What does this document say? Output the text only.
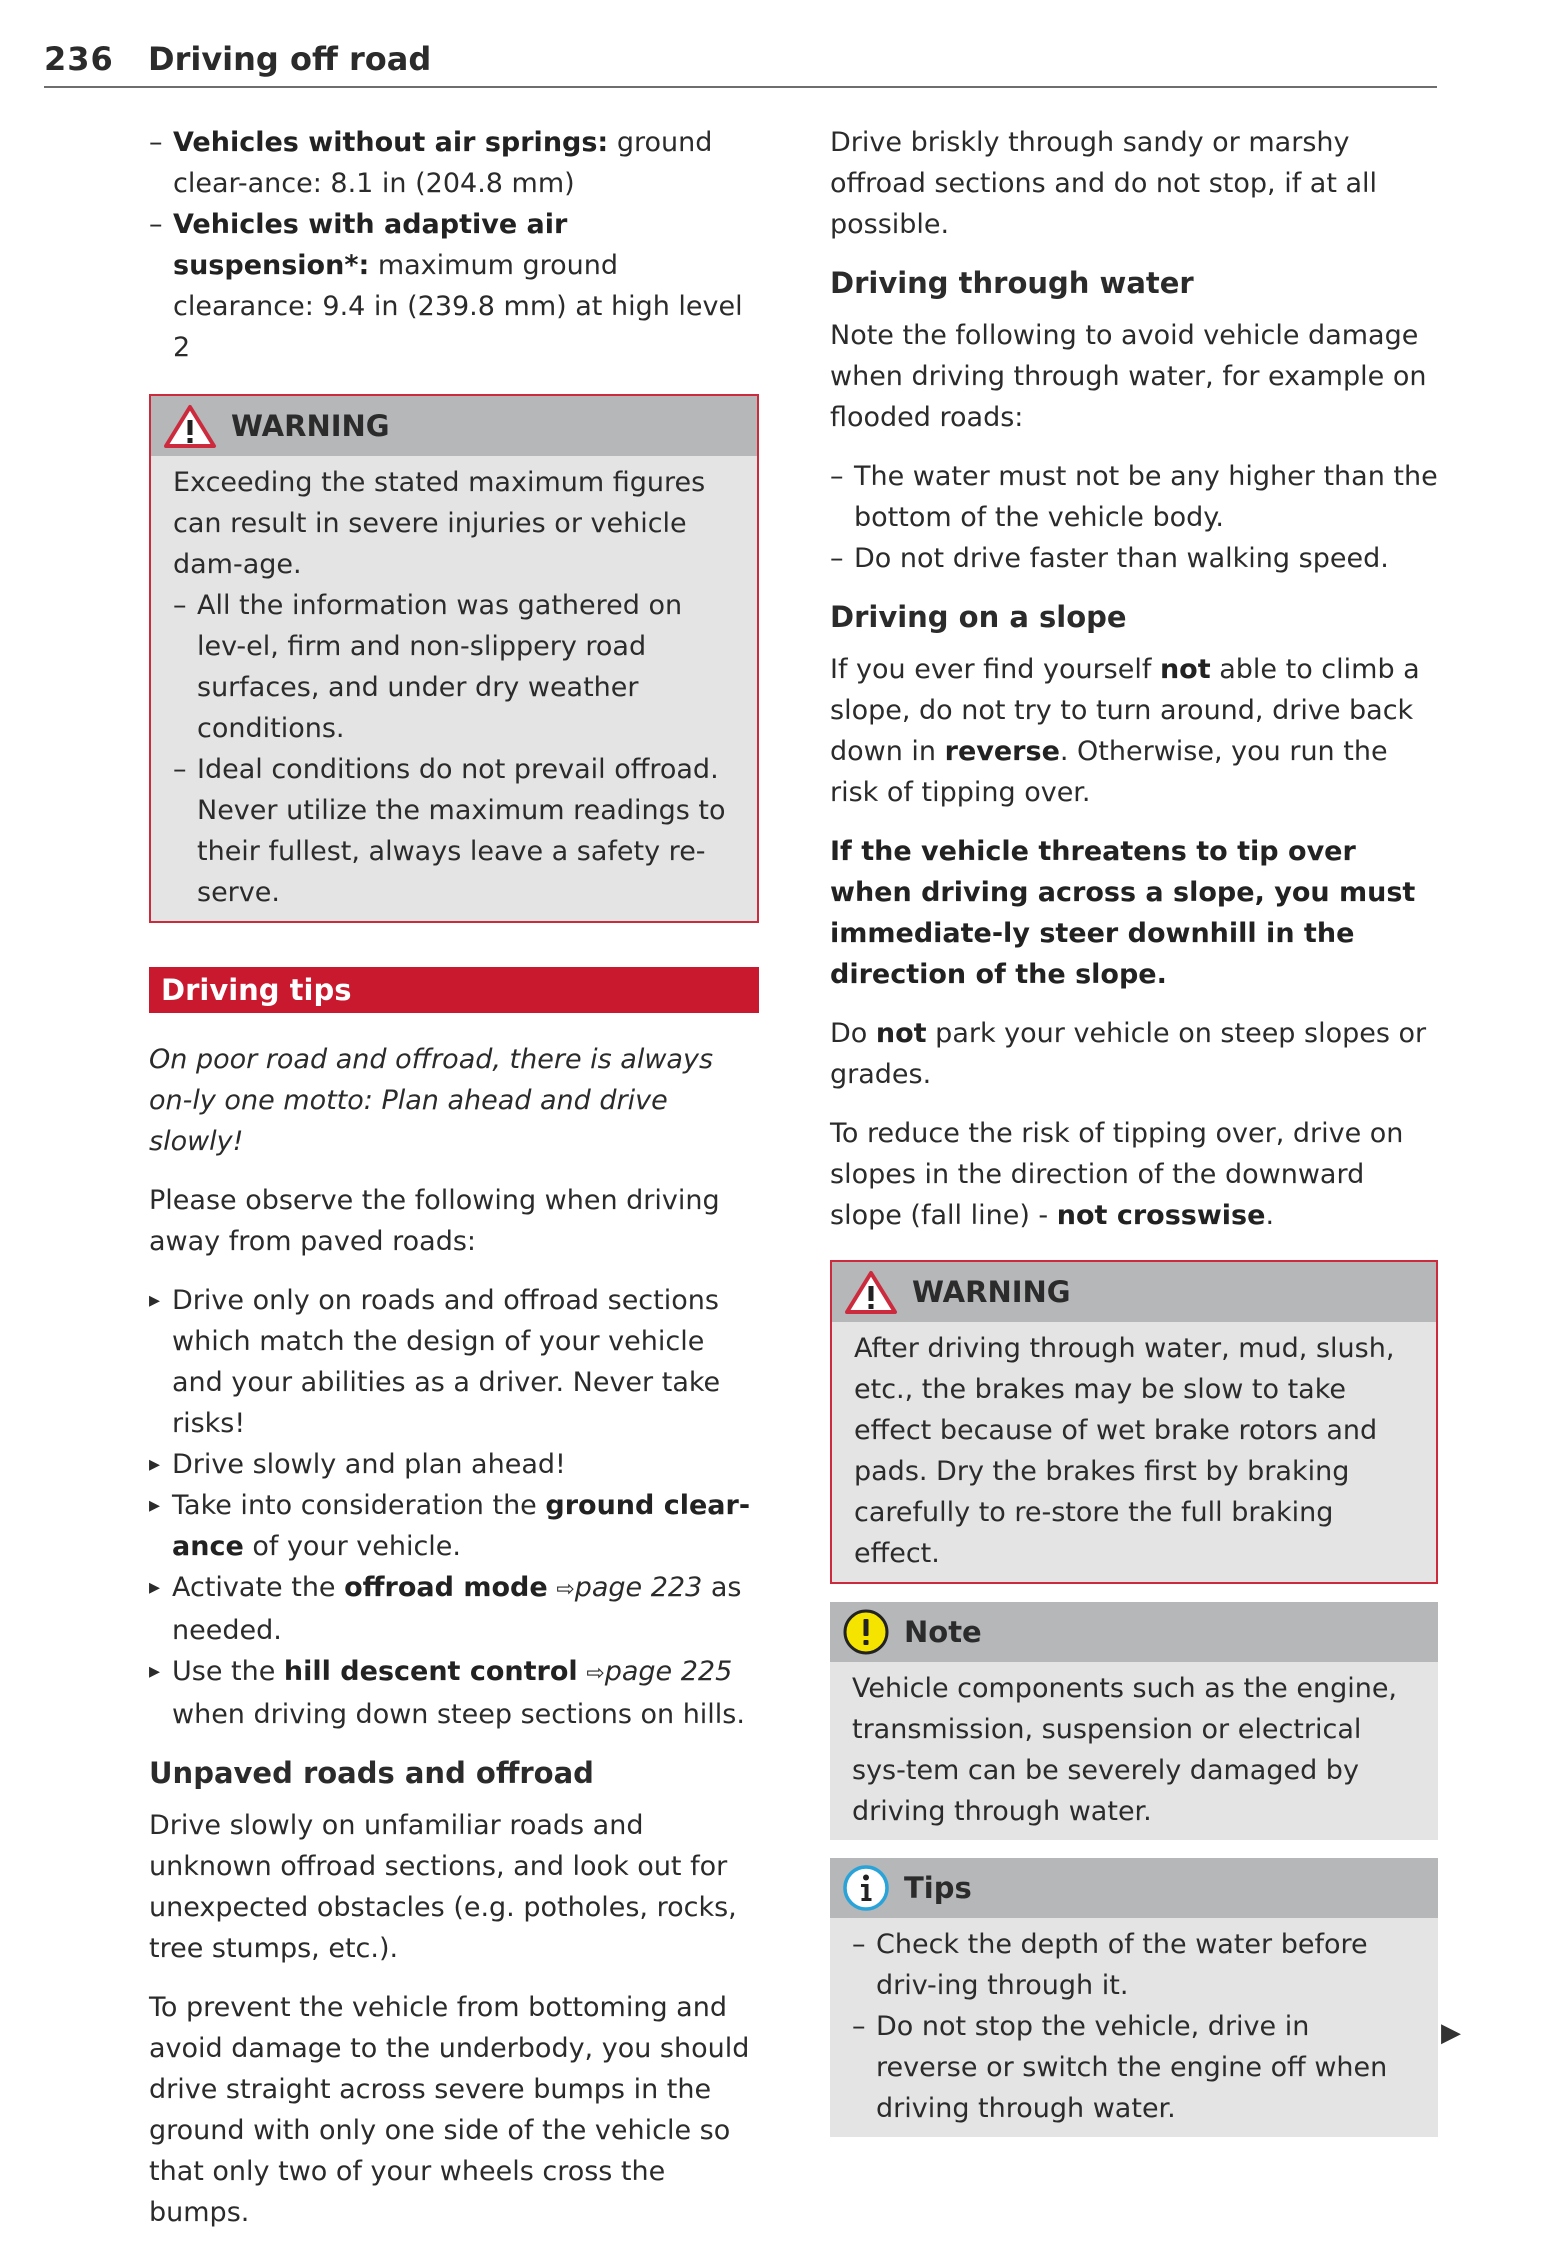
236 Driving off road
– Vehicles without air springs: ground clear-ance: 8.1 in (204.8 mm)
– Vehicles with adaptive air suspension*: maximum ground clearance: 9.4 in (239.8 mm) at high level 2
WARNING

Exceeding the stated maximum figures can result in severe injuries or vehicle dam-age.

– All the information was gathered on lev-el, firm and non-slippery road surfaces, and under dry weather conditions.
– Ideal conditions do not prevail offroad. Never utilize the maximum readings to their fullest, always leave a safety re-serve.
Driving tips

On poor road and offroad, there is always on-ly one motto: Plan ahead and drive slowly!

Please observe the following when driving away from paved roads:

▸ Drive only on roads and offroad sections which match the design of your vehicle and your abilities as a driver. Never take risks!
▸ Drive slowly and plan ahead!
▸ Take into consideration the ground clear-ance of your vehicle.
▸ Activate the offroad mode ⇨page 223 as needed.
▸ Use the hill descent control ⇨page 225 when driving down steep sections on hills.
Unpaved roads and offroad

Drive slowly on unfamiliar roads and unknown offroad sections, and look out for unexpected obstacles (e.g. potholes, rocks, tree stumps, etc.).

To prevent the vehicle from bottoming and avoid damage to the underbody, you should drive straight across severe bumps in the ground with only one side of the vehicle so that only two of your wheels cross the bumps.

Drive briskly through sandy or marshy offroad sections and do not stop, if at all possible.

Driving through water

Note the following to avoid vehicle damage when driving through water, for example on flooded roads:

– The water must not be any higher than the bottom of the vehicle body.
– Do not drive faster than walking speed.
Driving on a slope

If you ever find yourself not able to climb a slope, do not try to turn around, drive back down in reverse. Otherwise, you run the risk of tipping over.

If the vehicle threatens to tip over when driving across a slope, you must immediate-ly steer downhill in the direction of the slope.

Do not park your vehicle on steep slopes or grades.

To reduce the risk of tipping over, drive on slopes in the direction of the downward slope (fall line) - not crosswise.

WARNING

After driving through water, mud, slush, etc., the brakes may be slow to take effect because of wet brake rotors and pads. Dry the brakes first by braking carefully to re-store the full braking effect.

Note

Vehicle components such as the engine, transmission, suspension or electrical sys-tem can be severely damaged by driving through water.

Tips
– Check the depth of the water before driv-ing through it.
– Do not stop the vehicle, drive in reverse or switch the engine off when driving through water.
▶
